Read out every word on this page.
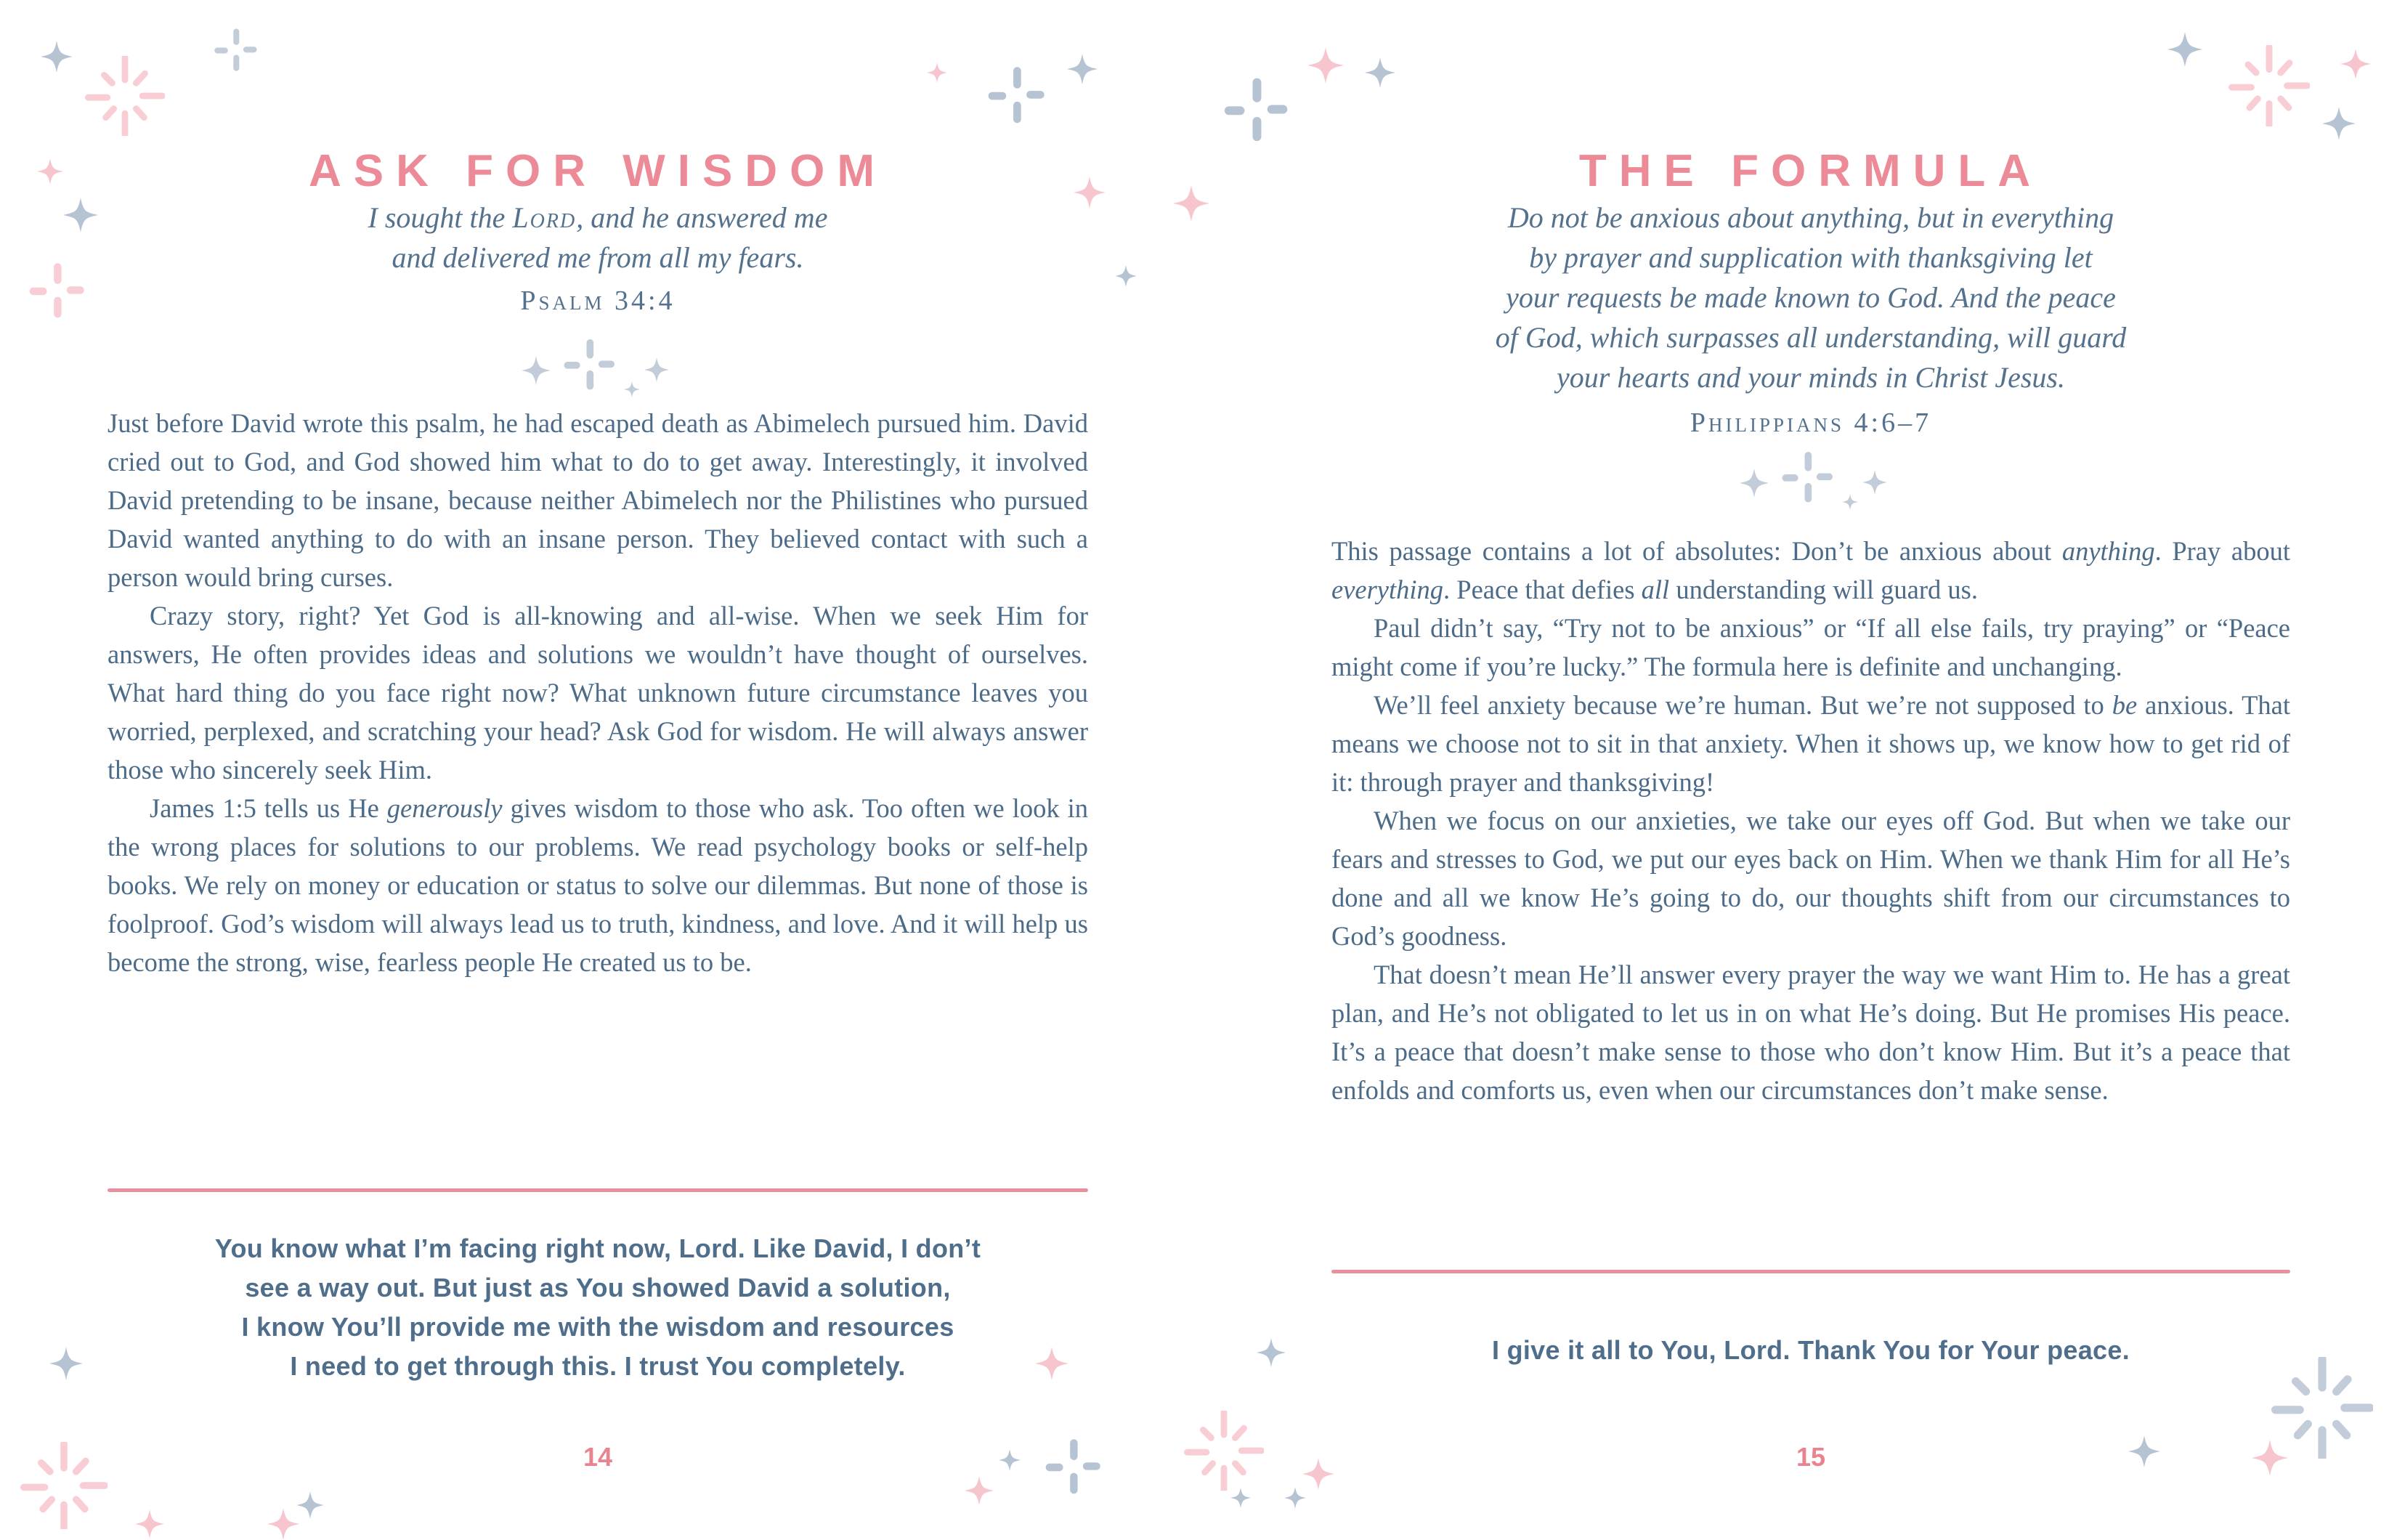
ASK FOR WISDOM

I sought the Lord, and he answered me

and delivered me from all my fears.

Psalm 34:4

Just before David wrote this psalm, he had escaped death as Abimelech pursued him. David cried out to God, and God showed him what to do to get away. Interestingly, it involved David pretending to be insane, because neither Abimelech nor the Philistines who pursued David wanted anything to do with an insane person. They believed contact with such a person would bring curses.

Crazy story, right? Yet God is all-knowing and all-wise. When we seek Him for answers, He often provides ideas and solutions we wouldn’t have thought of ourselves. What hard thing do you face right now? What unknown future circumstance leaves you worried, perplexed, and scratching your head? Ask God for wisdom. He will always answer those who sincerely seek Him.

James 1:5 tells us He generously gives wisdom to those who ask. Too often we look in the wrong places for solutions to our problems. We read psychology books or self-help books. We rely on money or education or status to solve our dilemmas. But none of those is foolproof. God’s wisdom will always lead us to truth, kindness, and love. And it will help us become the strong, wise, fearless people He created us to be.

You know what I’m facing right now, Lord. Like David, I don’t
see a way out. But just as You showed David a solution,
I know You’ll provide me with the wisdom and resources
I need to get through this. I trust You completely.
14
THE FORMULA

Do not be anxious about anything, but in everything

by prayer and supplication with thanksgiving let

your requests be made known to God. And the peace

of God, which surpasses all understanding, will guard

your hearts and your minds in Christ Jesus.

Philippians 4:6–7

This passage contains a lot of absolutes: Don’t be anxious about anything. Pray about everything. Peace that defies all understanding will guard us.

Paul didn’t say, “Try not to be anxious” or “If all else fails, try praying” or “Peace might come if you’re lucky.” The formula here is definite and unchanging.

We’ll feel anxiety because we’re human. But we’re not supposed to be anxious. That means we choose not to sit in that anxiety. When it shows up, we know how to get rid of it: through prayer and thanksgiving!

When we focus on our anxieties, we take our eyes off God. But when we take our fears and stresses to God, we put our eyes back on Him. When we thank Him for all He’s done and all we know He’s going to do, our thoughts shift from our circumstances to God’s goodness.

That doesn’t mean He’ll answer every prayer the way we want Him to. He has a great plan, and He’s not obligated to let us in on what He’s doing. But He promises His peace. It’s a peace that doesn’t make sense to those who don’t know Him. But it’s a peace that enfolds and comforts us, even when our circumstances don’t make sense.

I give it all to You, Lord. Thank You for Your peace.
15
